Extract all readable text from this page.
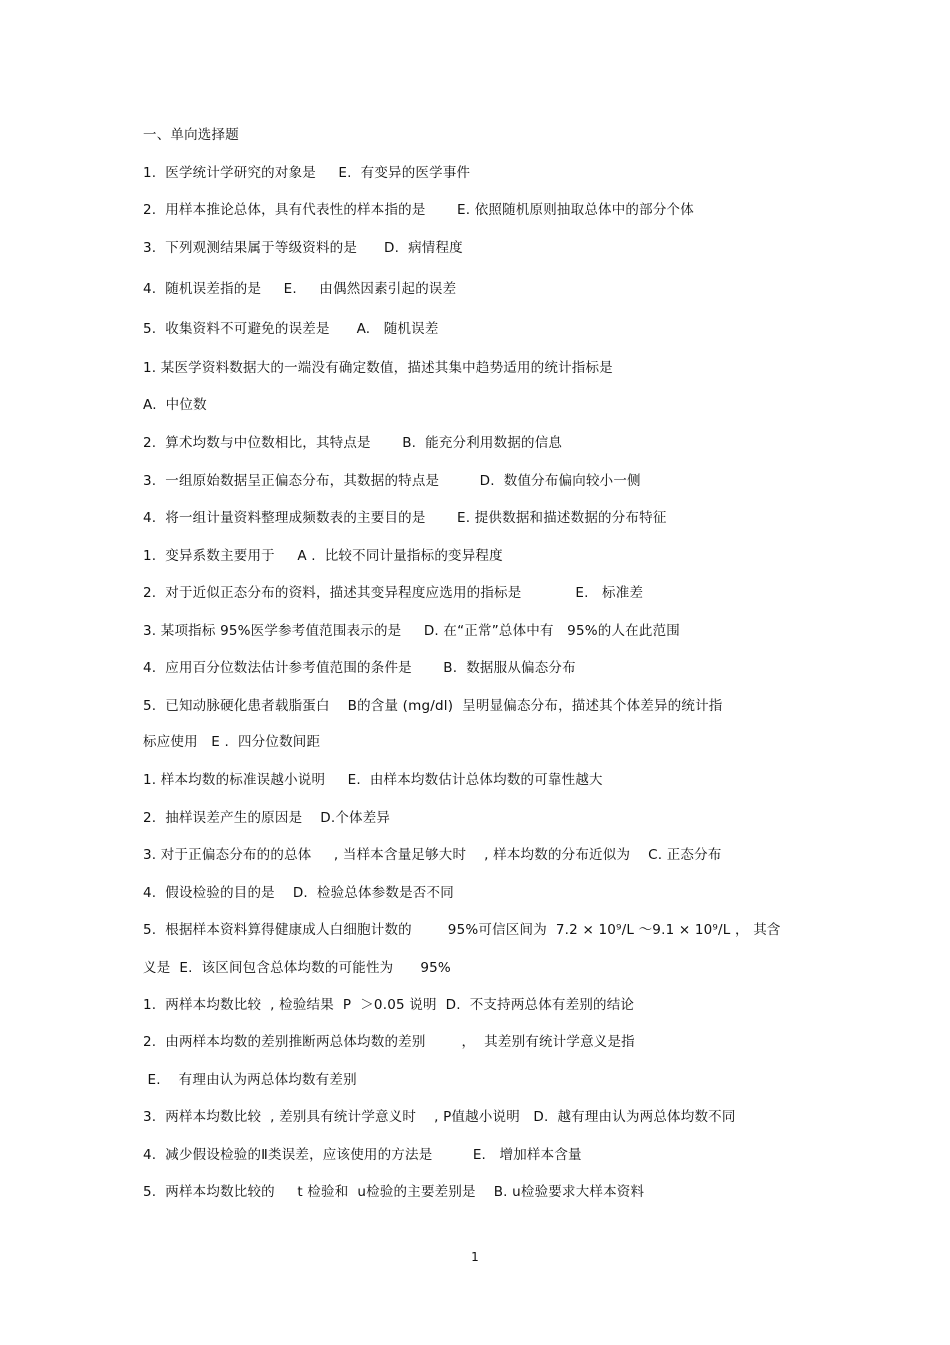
一、单向选择题
1.  医学统计学研究的对象是     E.  有变异的医学事件
2.  用样本推论总体，具有代表性的样本指的是       E. 依照随机原则抽取总体中的部分个体
3.  下列观测结果属于等级资料的是      D.  病情程度
4.  随机误差指的是     E.     由偶然因素引起的误差
5.  收集资料不可避免的误差是      A.   随机误差
1. 某医学资料数据大的一端没有确定数值，描述其集中趋势适用的统计指标是
A.  中位数
2.  算术均数与中位数相比，其特点是       B.  能充分利用数据的信息
3.  一组原始数据呈正偏态分布，其数据的特点是         D.  数值分布偏向较小一侧
4.  将一组计量资料整理成频数表的主要目的是       E. 提供数据和描述数据的分布特征
1.  变异系数主要用于     A .  比较不同计量指标的变异程度
2.  对于近似正态分布的资料，描述其变异程度应选用的指标是            E.   标准差
3. 某项指标 95%医学参考值范围表示的是     D. 在“正常”总体中有   95%的人在此范围
4.  应用百分位数法估计参考值范围的条件是       B.  数据服从偏态分布
5.  已知动脉硬化患者载脂蛋白    B的含量 (mg/dl)  呈明显偏态分布，描述其个体差异的统计指
标应使用   E .  四分位数间距
1. 样本均数的标准误越小说明     E.  由样本均数估计总体均数的可靠性越大
2.  抽样误差产生的原因是    D.个体差异
3. 对于正偏态分布的的总体     , 当样本含量足够大时    , 样本均数的分布近似为    C. 正态分布
4.  假设检验的目的是    D.  检验总体参数是否不同
5.  根据样本资料算得健康成人白细胞计数的        95%可信区间为  7.2 × 10⁹/L ～9.1 × 10⁹/L ， 其含
义是  E.  该区间包含总体均数的可能性为      95%
1.  两样本均数比较  , 检验结果  P  ＞0.05 说明  D.  不支持两总体有差别的结论
2.  由两样本均数的差别推断两总体均数的差别        ，  其差别有统计学意义是指
E.    有理由认为两总体均数有差别
3.  两样本均数比较  , 差别具有统计学意义时    , P值越小说明   D.  越有理由认为两总体均数不同
4.  减少假设检验的Ⅱ类误差，应该使用的方法是         E.   增加样本含量
5.  两样本均数比较的     t 检验和  u检验的主要差别是    B. u检验要求大样本资料
1
